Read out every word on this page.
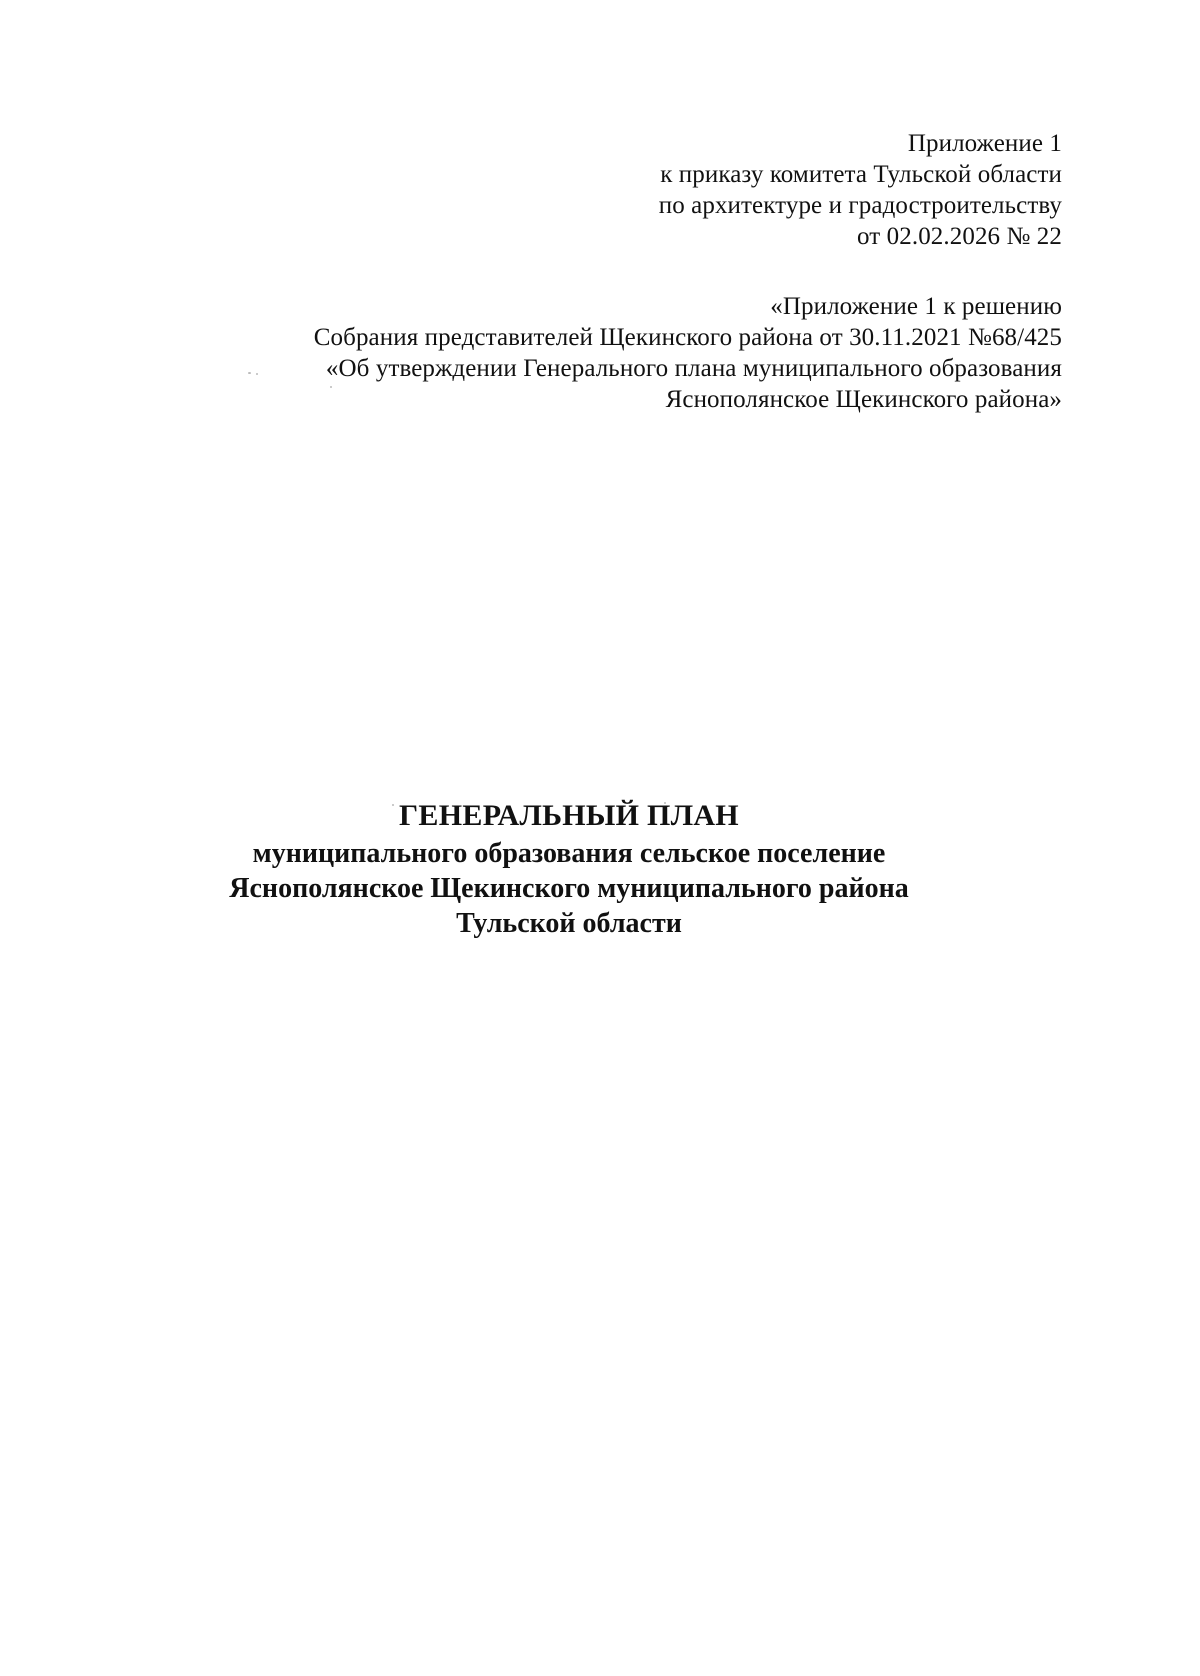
Приложение 1
к приказу комитета Тульской области
по архитектуре и градостроительству
от 02.02.2026 № 22
«Приложение 1 к решению
Собрания представителей Щекинского района от 30.11.2021 №68/425
«Об утверждении Генерального плана муниципального образования
Яснополянское Щекинского района»
ГЕНЕРАЛЬНЫЙ ПЛАН
муниципального образования сельское поселение
Яснополянское Щекинского муниципального района
Тульской области
